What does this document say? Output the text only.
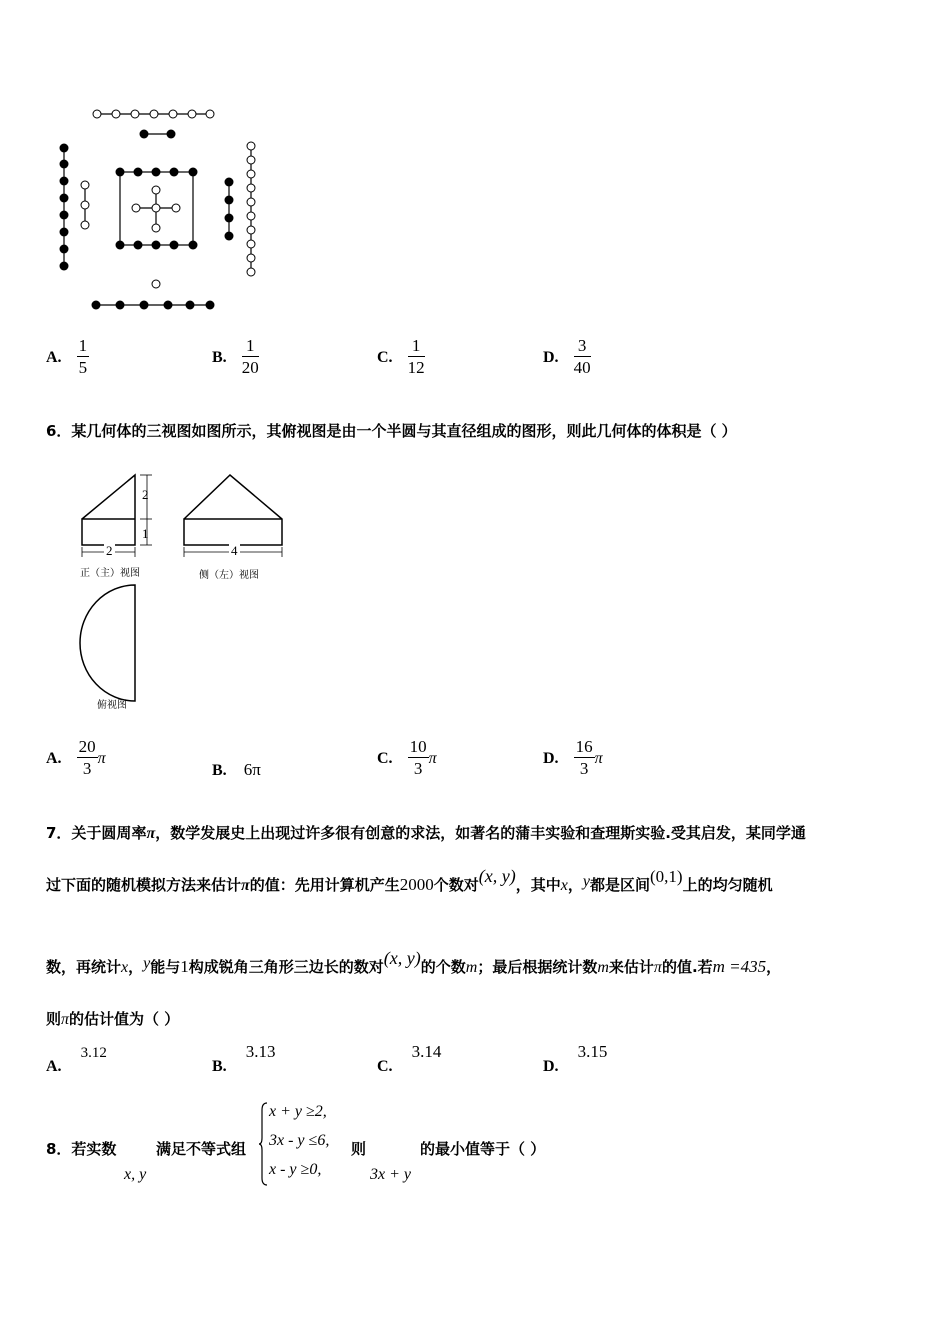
A. $\frac{1}{5}$	B. $\frac{1}{20}$	C. $\frac{1}{12}$	D. $\frac{3}{40}$
6．某几何体的三视图如图所示，其俯视图是由一个半圆与其直径组成的图形，则此几何体的体积是（ ）
2
1
2	4
正（主）视图	侧（左）视图
俯视图
A. $\frac{20}{3}$ π
B. 6π
C. $\frac{10}{3}$ π	D. $\frac{16}{3}$ π
7．关于圆周率π，数学发展史上出现过许多很有创意的求法，如著名的蒲丰实验和查理斯实验.受其启发，某同学通
过下面的随机模拟方法来估计π的值：先用计算机产生2000个数对(x, y)，其中x，y都是区间(0,1)上的均匀随机
数，再统计x，y能与1构成锐角三角形三边长的数对(x, y)的个数m；最后根据统计数m来估计π的值.若m =435，
则π的估计值为（ ）
A. 3.12
B. 3.13
C. 3.14
D. 3.15
8．若实数
x, y
满足不等式组
x + y ≥2,
3x - y ≤6,
x - y ≥0,
则
3x + y
的最小值等于（ ）
